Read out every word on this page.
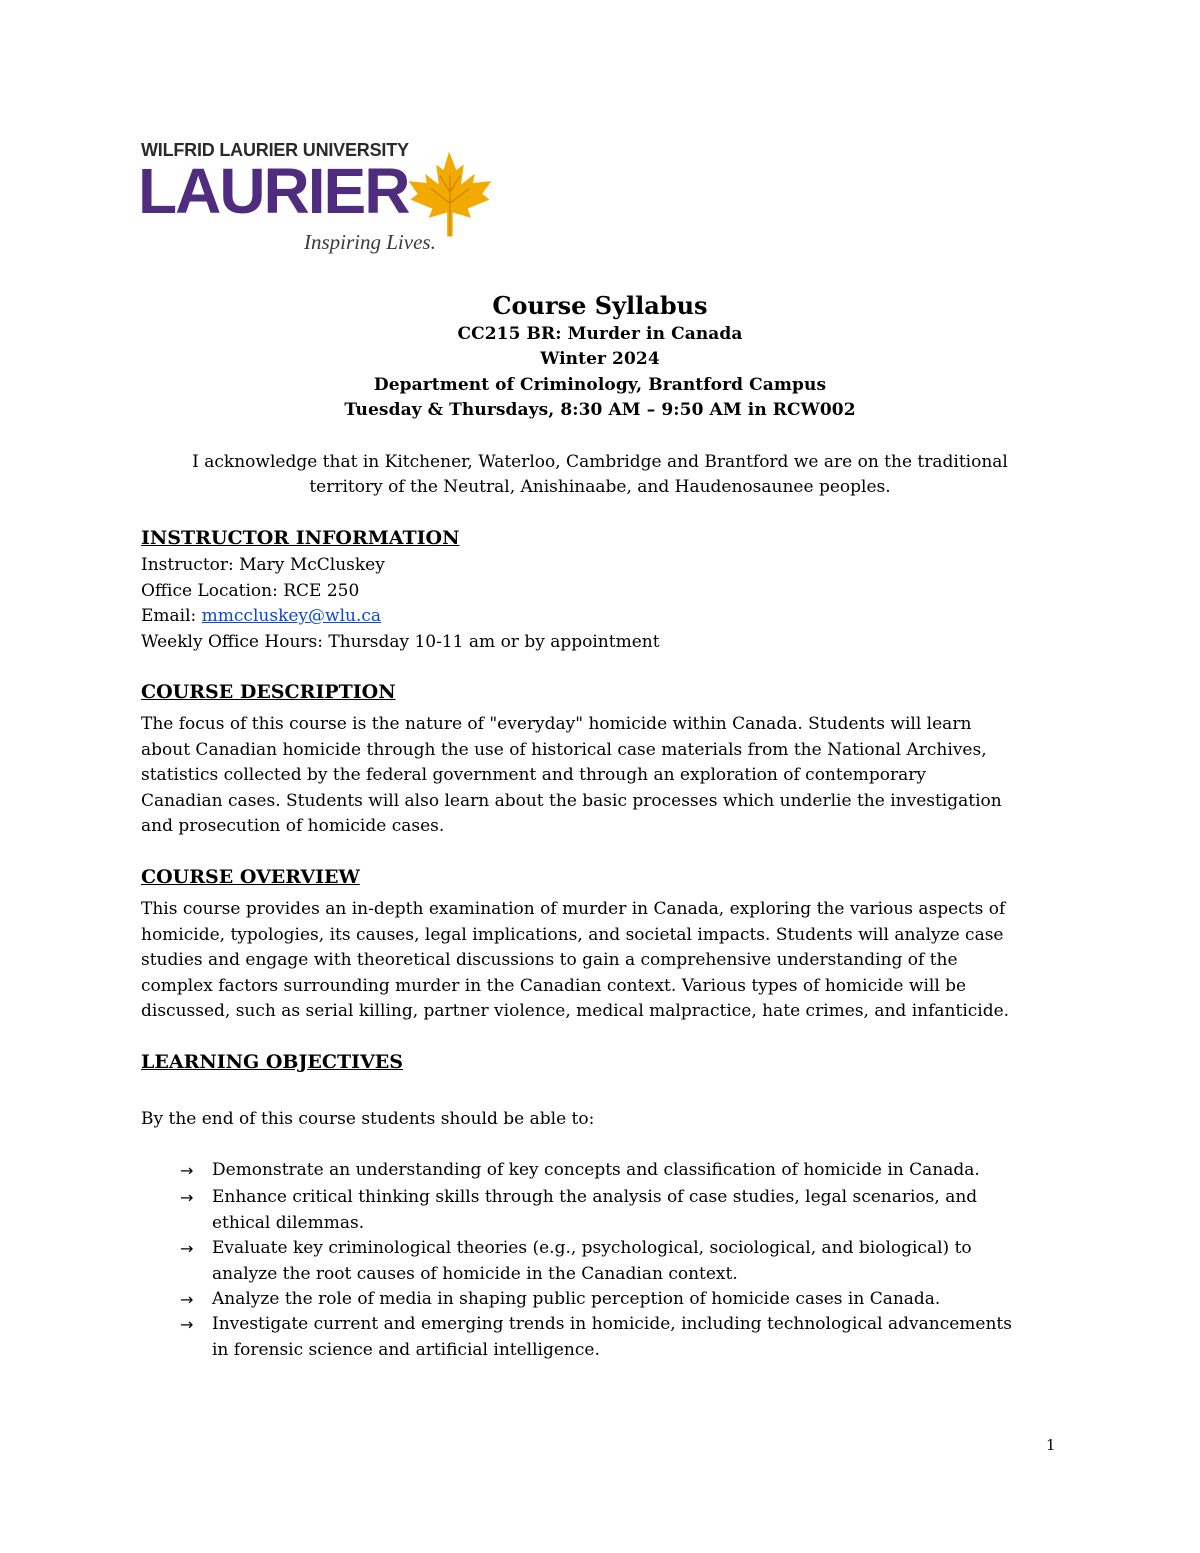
WILFRID LAURIER UNIVERSITY
LAURIER
Inspiring Lives.
Course Syllabus
CC215 BR: Murder in Canada
Winter 2024
Department of Criminology, Brantford Campus
Tuesday & Thursdays, 8:30 AM – 9:50 AM in RCW002
I acknowledge that in Kitchener, Waterloo, Cambridge and Brantford we are on the traditional
territory of the Neutral, Anishinaabe, and Haudenosaunee peoples.
INSTRUCTOR INFORMATION
Instructor: Mary McCluskey
Office Location: RCE 250
Email: mmccluskey@wlu.ca
Weekly Office Hours: Thursday 10-11 am or by appointment
COURSE DESCRIPTION
The focus of this course is the nature of "everyday" homicide within Canada. Students will learn
about Canadian homicide through the use of historical case materials from the National Archives,
statistics collected by the federal government and through an exploration of contemporary
Canadian cases. Students will also learn about the basic processes which underlie the investigation
and prosecution of homicide cases.
COURSE OVERVIEW
This course provides an in-depth examination of murder in Canada, exploring the various aspects of
homicide, typologies, its causes, legal implications, and societal impacts. Students will analyze case
studies and engage with theoretical discussions to gain a comprehensive understanding of the
complex factors surrounding murder in the Canadian context. Various types of homicide will be
discussed, such as serial killing, partner violence, medical malpractice, hate crimes, and infanticide.
LEARNING OBJECTIVES
By the end of this course students should be able to:
→ Demonstrate an understanding of key concepts and classification of homicide in Canada.
→ Enhance critical thinking skills through the analysis of case studies, legal scenarios, and
ethical dilemmas.
→ Evaluate key criminological theories (e.g., psychological, sociological, and biological) to
analyze the root causes of homicide in the Canadian context.
→ Analyze the role of media in shaping public perception of homicide cases in Canada.
→ Investigate current and emerging trends in homicide, including technological advancements
in forensic science and artificial intelligence.
1
